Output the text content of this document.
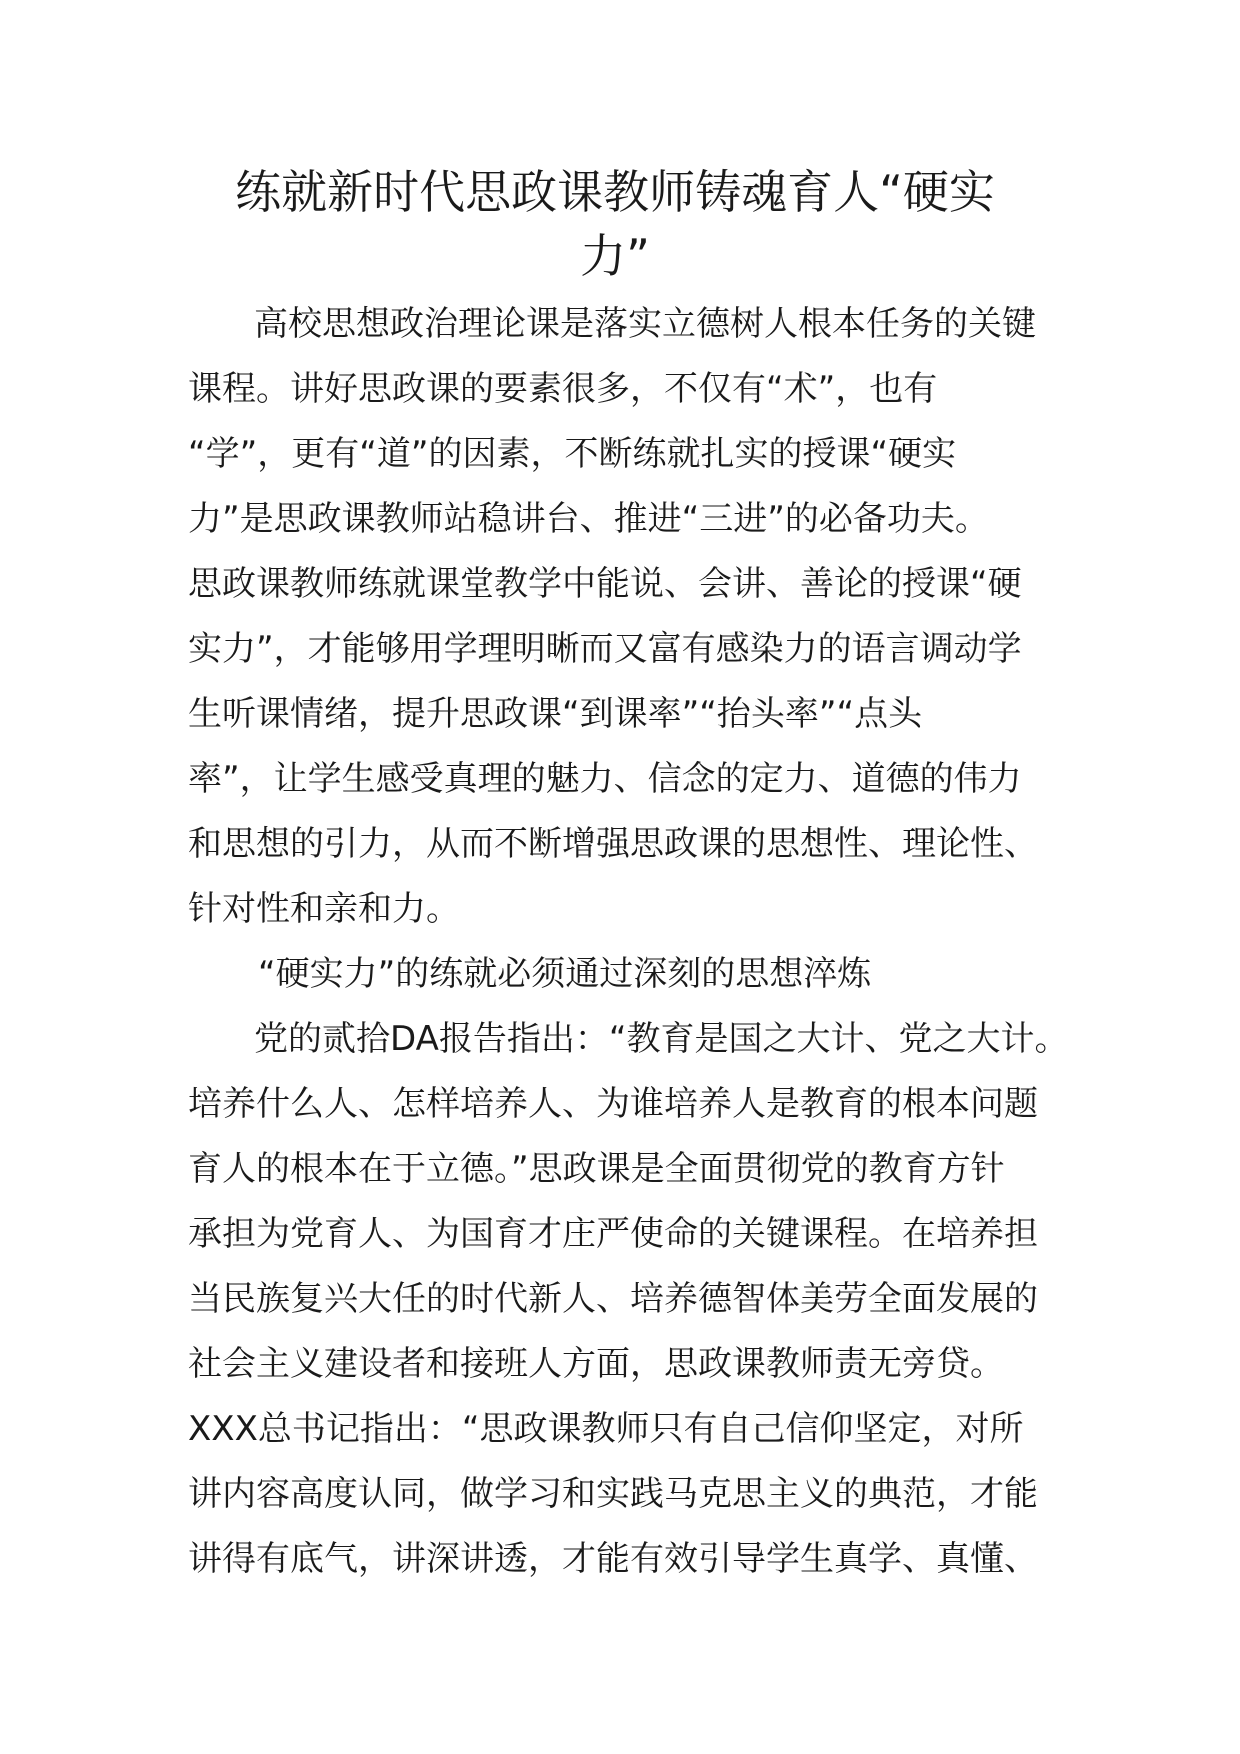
练就新时代思政课教师铸魂育人“硬实
力”
高校思想政治理论课是落实立德树人根本任务的关键
课程。讲好思政课的要素很多，不仅有“术”，也有
“学”，更有“道”的因素，不断练就扎实的授课“硬实
力”是思政课教师站稳讲台、推进“三进”的必备功夫。
思政课教师练就课堂教学中能说、会讲、善论的授课“硬
实力”，才能够用学理明晰而又富有感染力的语言调动学
生听课情绪，提升思政课“到课率”“抬头率”“点头
率”，让学生感受真理的魅力、信念的定力、道德的伟力
和思想的引力，从而不断增强思政课的思想性、理论性、
针对性和亲和力。
“硬实力”的练就必须通过深刻的思想淬炼
党的贰拾DA报告指出：“教育是国之大计、党之大计。
培养什么人、怎样培养人、为谁培养人是教育的根本问题
育人的根本在于立德。”思政课是全面贯彻党的教育方针
承担为党育人、为国育才庄严使命的关键课程。在培养担
当民族复兴大任的时代新人、培养德智体美劳全面发展的
社会主义建设者和接班人方面，思政课教师责无旁贷。
XXX总书记指出：“思政课教师只有自己信仰坚定，对所
讲内容高度认同，做学习和实践马克思主义的典范，才能
讲得有底气，讲深讲透，才能有效引导学生真学、真懂、
